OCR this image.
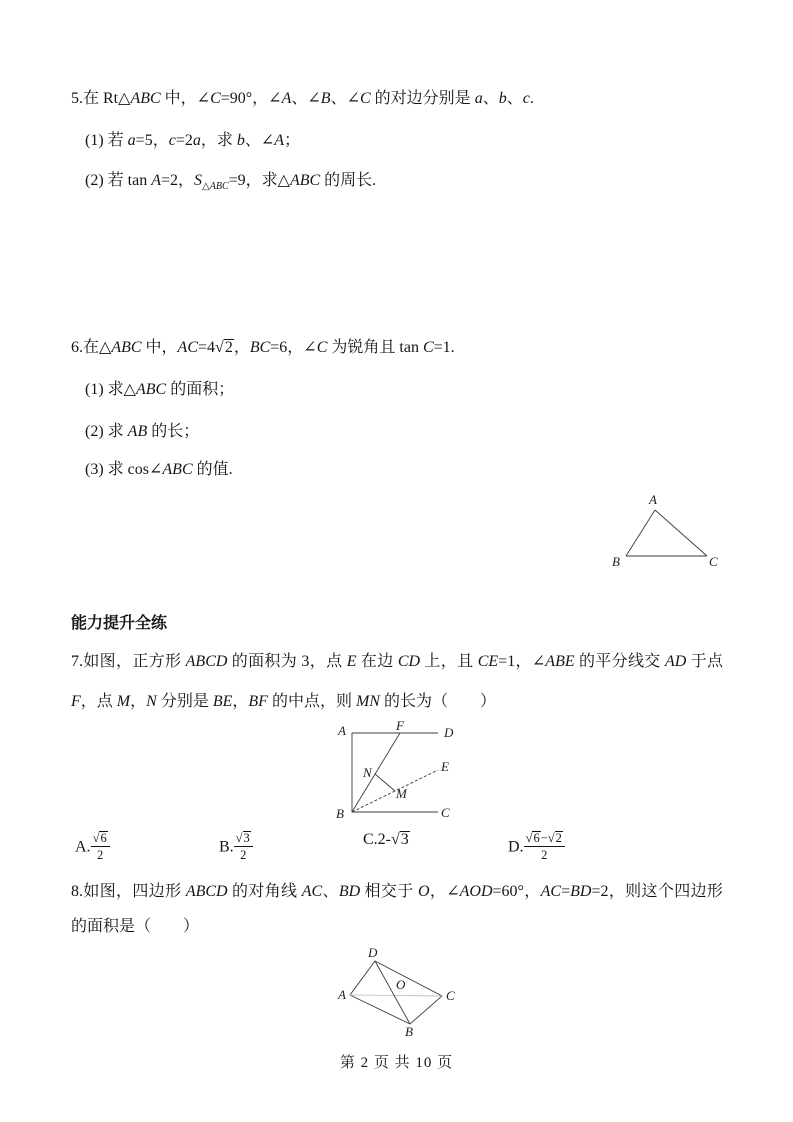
5.在 Rt△ABC 中，∠C=90°，∠A、∠B、∠C 的对边分别是 a、b、c.
(1) 若 a=5，c=2a，求 b、∠A；
(2) 若 tan A=2，$S_{\triangle ABC}=9$，求△ABC 的周长.
6.在△ABC 中，AC=4√2，BC=6，∠C 为锐角且 tan C=1.
(1) 求△ABC 的面积；
(2) 求 AB 的长；
(3) 求 cos∠ABC 的值.
A
B	C
能力提升全练
7.如图，正方形 ABCD 的面积为 3，点 E 在边 CD 上，且 CE=1，∠ABE 的平分线交 AD 于点
F，点 M，N 分别是 BE，BF 的中点，则 MN 的长为（　　）
A	F	D
N	E
M
B	C
A. $\frac{√6}{2}$	B. $\frac{√3}{2}$	C.2-√3	D. $\frac{√6-√2}{2}$
8.如图，四边形 ABCD 的对角线 AC、BD 相交于 O，∠AOD=60°，AC=BD=2，则这个四边形
的面积是（　　）
D
A
O
C
B
第 2 页 共 10 页
